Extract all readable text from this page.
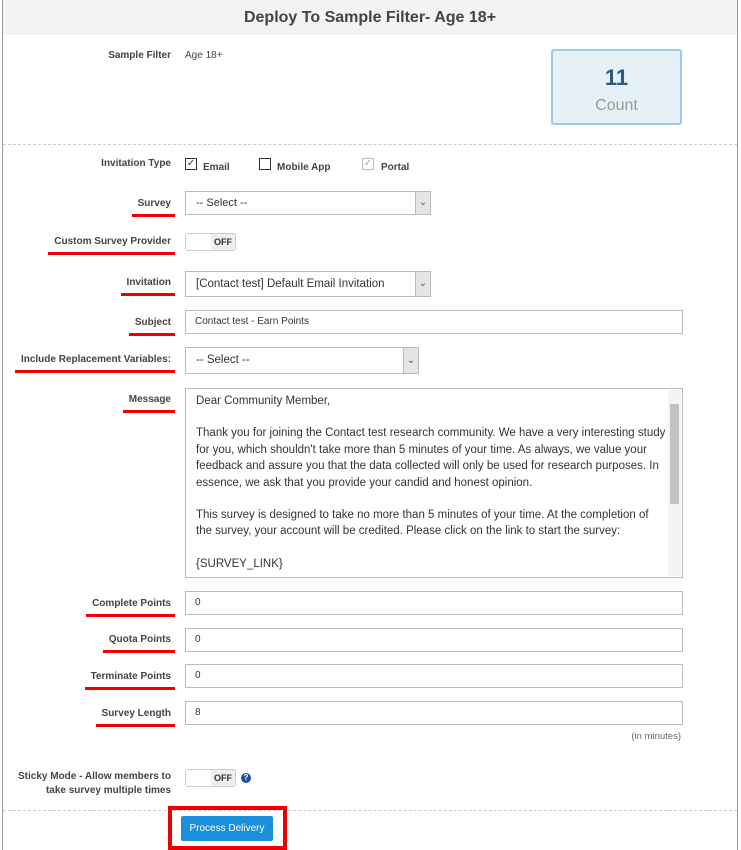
Deploy To Sample Filter- Age 18+
Sample Filter Age 18+
11
Count
Invitation Type ✓ Email	Mobile App	✓ Portal
Survey	-- Select --	⌄
Custom Survey Provider	OFF
Invitation	[Contact test] Default Email Invitation	⌄
Subject	Contact test - Earn Points
Include Replacement Variables:	-- Select --	⌄
Message Dear Community Member,

Thank you for joining the Contact test research community. We have a very interesting study for you, which shouldn't take more than 5 minutes of your time. As always, we value your feedback and assure you that the data collected will only be used for research purposes. In essence, we ask that you provide your candid and honest opinion.

This survey is designed to take no more than 5 minutes of your time. At the completion of the survey, your account will be credited. Please click on the link to start the survey:

{SURVEY_LINK}

Complete Points	0
Quota Points	0
Terminate Points	0
Survey Length	8
(in minutes)
Sticky Mode - Allow members to
take survey multiple times
OFF	?
Process Delivery
